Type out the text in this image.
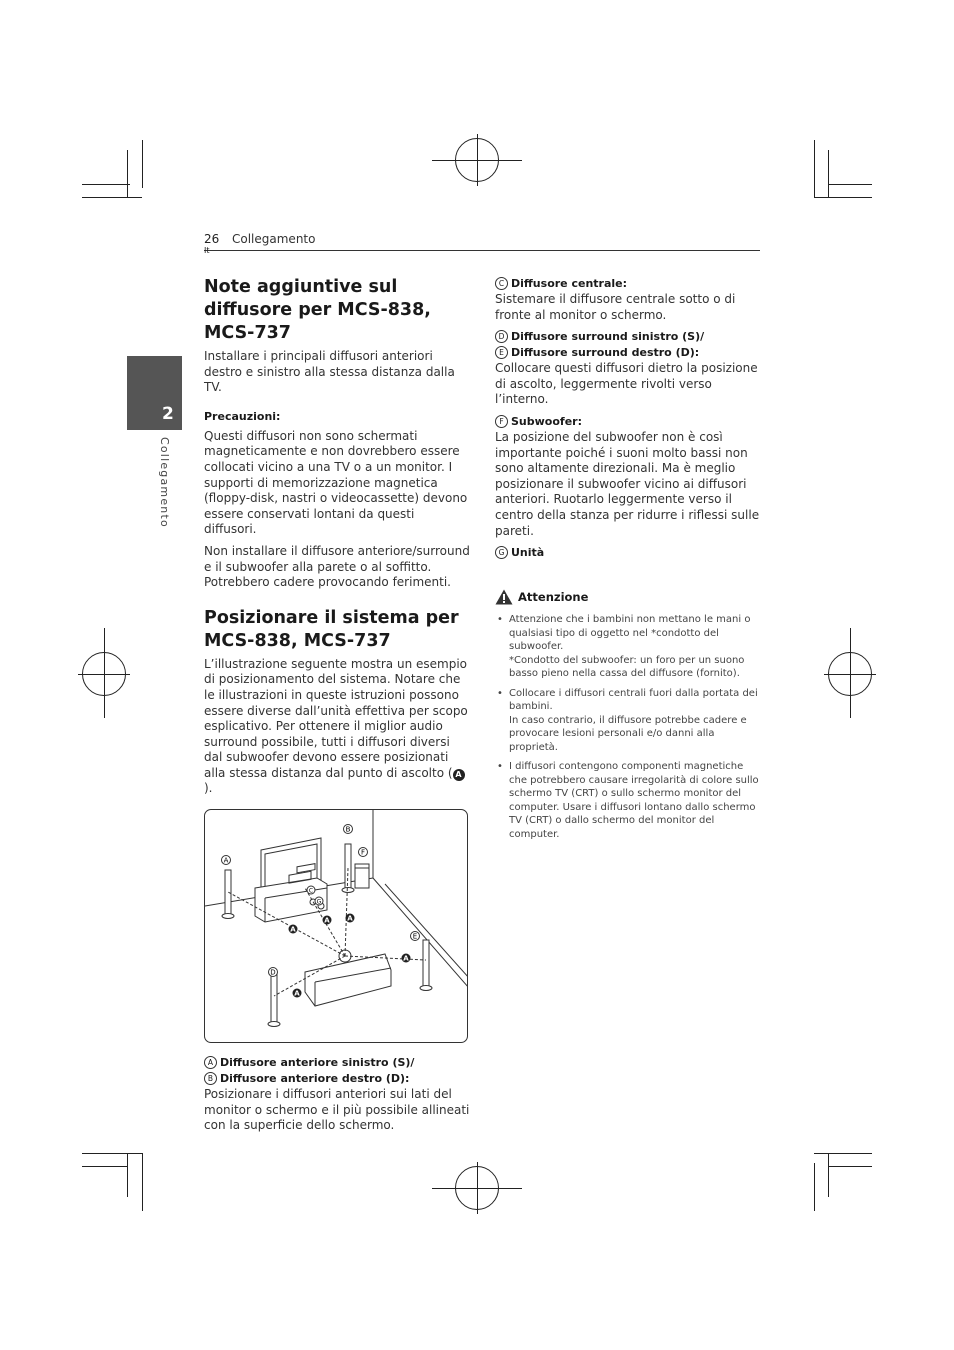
26
It
Collegamento
2
Collegamento
Note aggiuntive sul diffusore per MCS-838, MCS-737

Installare i principali diffusori anteriori destro e sinistro alla stessa distanza dalla TV.

Precauzioni:

Questi diffusori non sono schermati magneticamente e non dovrebbero essere collocati vicino a una TV o a un monitor. I supporti di memorizzazione magnetica (floppy-disk, nastri o videocassette) devono essere conservati lontani da questi diffusori.

Non installare il diffusore anteriore/surround e il subwoofer alla parete o al soffitto. Potrebbero cadere provocando ferimenti.

Posizionare il sistema per MCS-838, MCS-737

L’illustrazione seguente mostra un esempio di posizionamento del sistema. Notare che le illustrazioni in queste istruzioni possono essere diverse dall’unità effettiva per scopo esplicativo. Per ottenere il miglior audio surround possibile, tutti i diffusori diversi dal subwoofer devono essere posizionati alla stessa distanza dal punto di ascolto ( A).

A
B
F
E
D
C
G
A
A	A
A
A
A Diffusore anteriore sinistro (S)/
B Diffusore anteriore destro (D):

Posizionare i diffusori anteriori sui lati del monitor o schermo e il più possibile allineati con la superficie dello schermo.

C Diffusore centrale:

Sistemare il diffusore centrale sotto o di fronte al monitor o schermo.

D Diffusore surround sinistro (S)/
E Diffusore surround destro (D):

Collocare questi diffusori dietro la posizione di ascolto, leggermente rivolti verso l’interno.

F Subwoofer:

La posizione del subwoofer non è così importante poiché i suoni molto bassi non sono altamente direzionali. Ma è meglio posizionare il subwoofer vicino ai diffusori anteriori. Ruotarlo leggermente verso il centro della stanza per ridurre i riflessi sulle pareti.

G Unità
Attenzione
• Attenzione che i bambini non mettano le mani o qualsiasi tipo di oggetto nel *condotto del subwoofer.
*Condotto del subwoofer: un foro per un suono basso pieno nella cassa del diffusore (fornito).
• Collocare i diffusori centrali fuori dalla portata dei bambini.
In caso contrario, il diffusore potrebbe cadere e provocare lesioni personali e/o danni alla proprietà.
• I diffusori contengono componenti magnetiche che potrebbero causare irregolarità di colore sullo schermo TV (CRT) o sullo schermo monitor del computer. Usare i diffusori lontano dallo schermo TV (CRT) o dallo schermo del monitor del computer.
